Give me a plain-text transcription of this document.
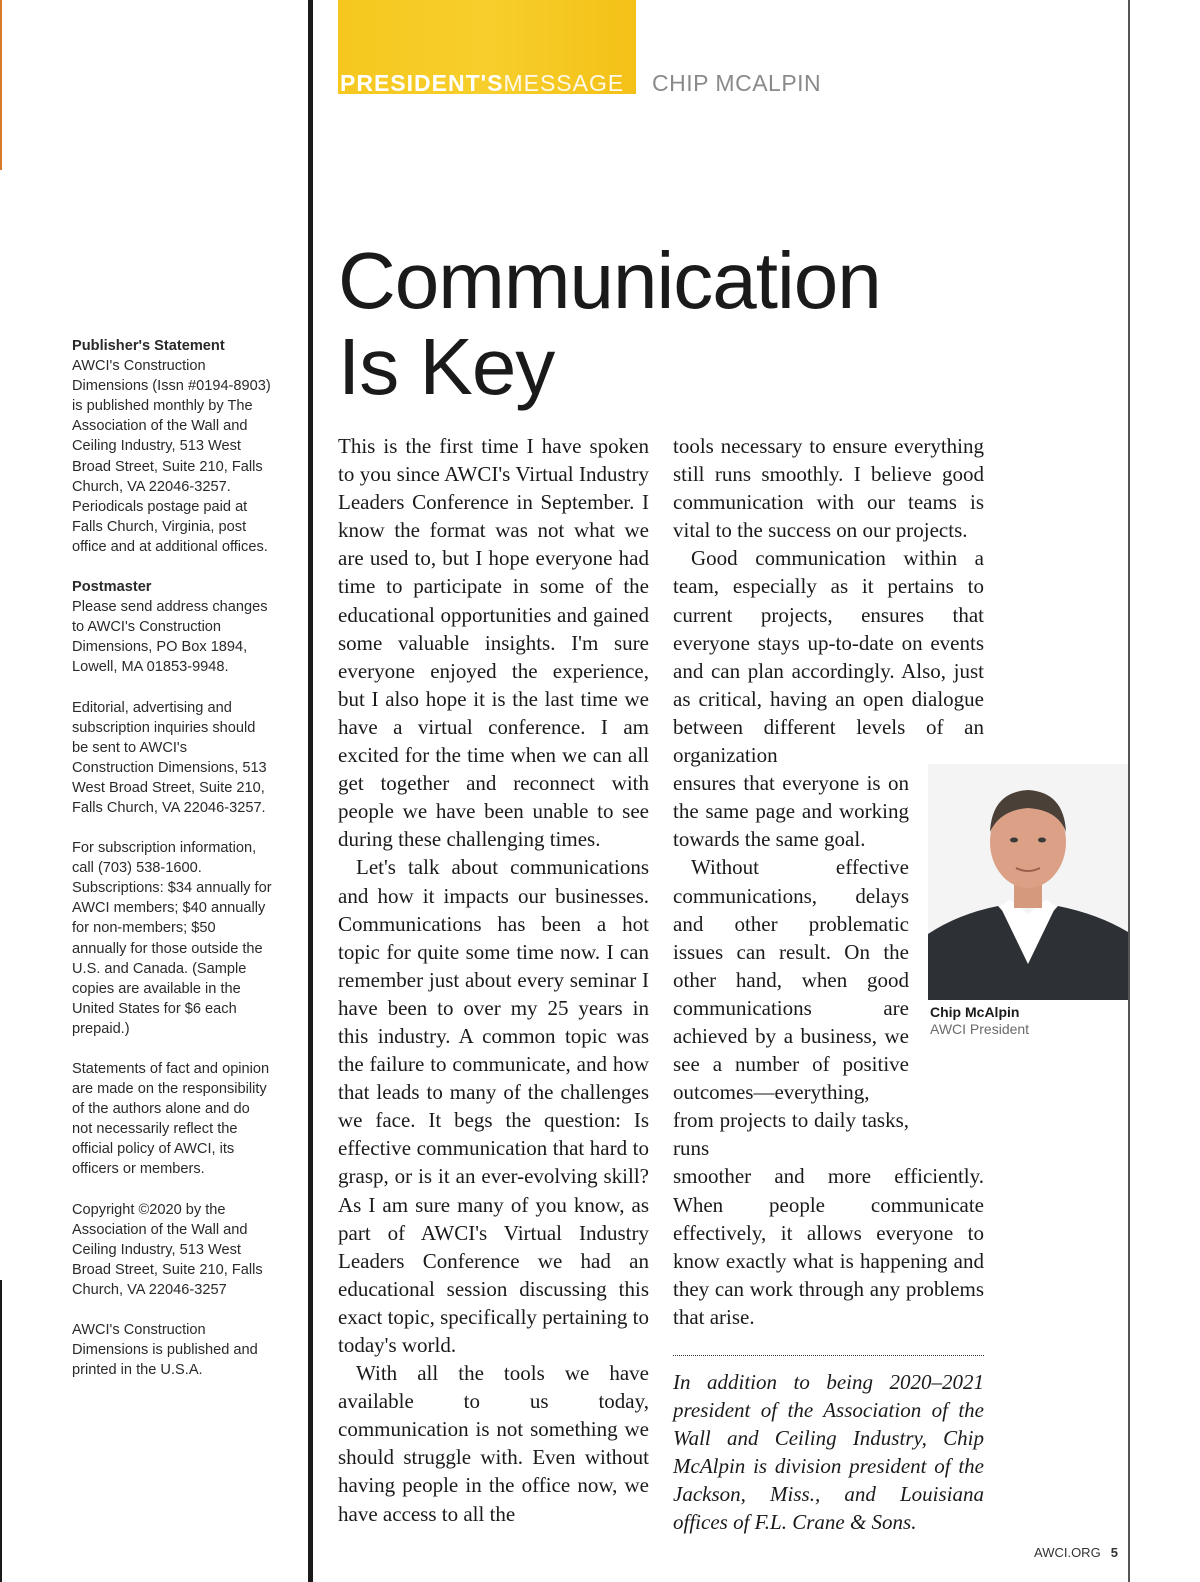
PRESIDENT'SMESSAGE CHIP MCALPIN

Publisher's Statement
AWCI's Construction Dimensions (Issn #0194-8903) is published monthly by The Association of the Wall and Ceiling Industry, 513 West Broad Street, Suite 210, Falls Church, VA 22046-3257. Periodicals postage paid at Falls Church, Virginia, post office and at additional offices.

Postmaster
Please send address changes to AWCI's Construction Dimensions, PO Box 1894, Lowell, MA 01853-9948.

Editorial, advertising and subscription inquiries should be sent to AWCI's Construction Dimensions, 513 West Broad Street, Suite 210, Falls Church, VA 22046-3257.

For subscription information, call (703) 538-1600. Subscriptions: $34 annually for AWCI members; $40 annually for non-members; $50 annually for those outside the U.S. and Canada. (Sample copies are available in the United States for $6 each prepaid.)

Statements of fact and opinion are made on the responsibility of the authors alone and do not necessarily reflect the official policy of AWCI, its officers or members.

Copyright ©2020 by the Association of the Wall and Ceiling Industry, 513 West Broad Street, Suite 210, Falls Church, VA 22046-3257

AWCI's Construction Dimensions is published and printed in the U.S.A.

Communication
Is Key

This is the first time I have spoken to you since AWCI's Virtual Industry Leaders Conference in September. I know the format was not what we are used to, but I hope everyone had time to participate in some of the educational opportunities and gained some valuable insights. I'm sure everyone enjoyed the experience, but I also hope it is the last time we have a virtual conference. I am excited for the time when we can all get together and reconnect with people we have been unable to see during these challenging times.

Let's talk about communications and how it impacts our businesses. Communications has been a hot topic for quite some time now. I can remember just about every seminar I have been to over my 25 years in this industry. A common topic was the failure to communicate, and how that leads to many of the challenges we face. It begs the question: Is effective communication that hard to grasp, or is it an ever-evolving skill? As I am sure many of you know, as part of AWCI's Virtual Industry Leaders Conference we had an educational session discussing this exact topic, specifically pertaining to today's world.

With all the tools we have available to us today, communication is not something we should struggle with. Even without having people in the office now, we have access to all the

tools necessary to ensure everything still runs smoothly. I believe good communication with our teams is vital to the success on our projects.

Good communication within a team, especially as it pertains to current projects, ensures that everyone stays up-to-date on events and can plan accordingly. Also, just as critical, having an open dialogue between different levels of an organization

ensures that everyone is on the same page and working towards the same goal.

Without effective communications, delays and other problematic issues can result. On the other hand, when good communications are achieved by a business, we see a number of positive outcomes—everything, from projects to daily tasks, runs

smoother and more efficiently. When people communicate effectively, it allows everyone to know exactly what is happening and they can work through any problems that arise.

In addition to being 2020–2021 president of the Association of the Wall and Ceiling Industry, Chip McAlpin is division president of the Jackson, Miss., and Louisiana offices of F.L. Crane & Sons.

Chip McAlpin
AWCI President
AWCI.ORG 5
